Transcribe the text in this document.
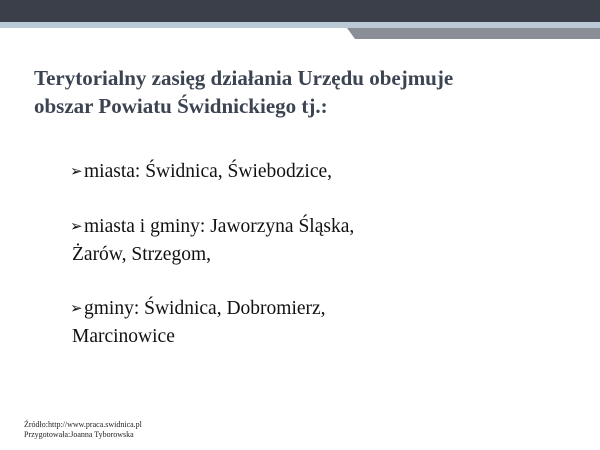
Terytorialny zasięg działania Urzędu obejmuje
obszar Powiatu Świdnickiego tj.:
➢miasta: Świdnica, Świebodzice,
➢miasta i gminy: Jaworzyna Śląska,
Żarów, Strzegom,
➢gminy: Świdnica, Dobromierz,
Marcinowice

Źródło:http://www.praca.swidnica.pl
Przygotowała:Joanna Tyborowska
